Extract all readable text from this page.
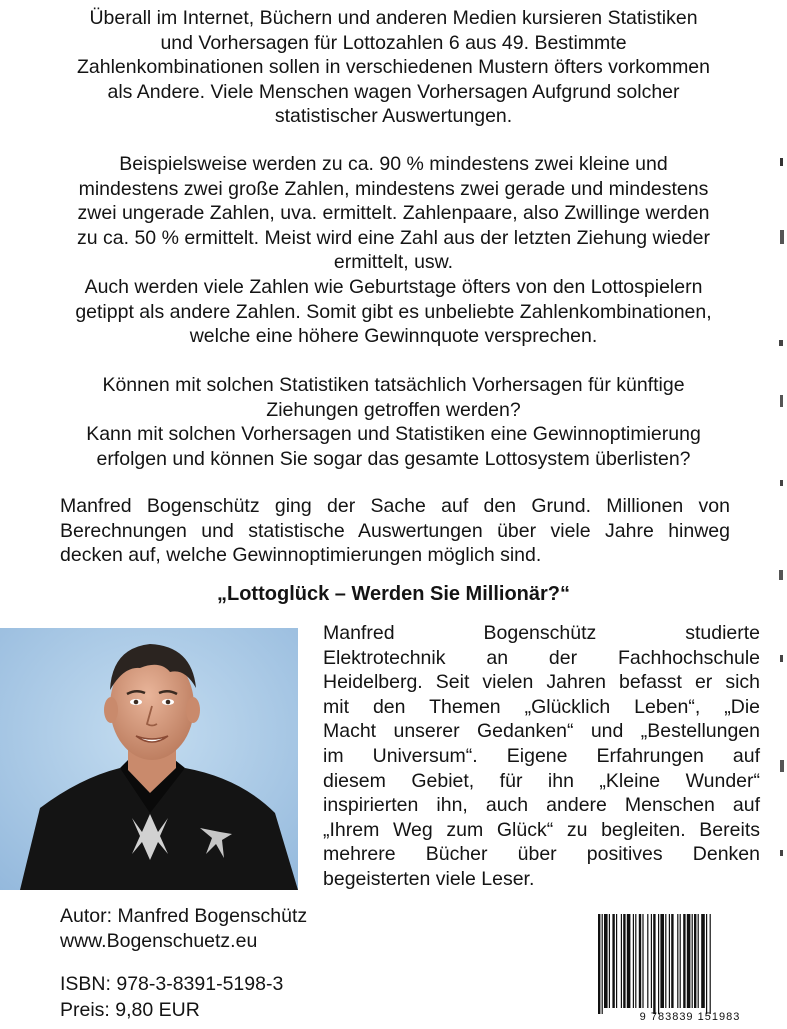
Überall im Internet, Büchern und anderen Medien kursieren Statistiken

und Vorhersagen für Lottozahlen 6 aus 49. Bestimmte

Zahlenkombinationen sollen in verschiedenen Mustern öfters vorkommen

als Andere. Viele Menschen wagen Vorhersagen Aufgrund solcher

statistischer Auswertungen.

Beispielsweise werden zu ca. 90 % mindestens zwei kleine und

mindestens zwei große Zahlen, mindestens zwei gerade und mindestens

zwei ungerade Zahlen, uva. ermittelt. Zahlenpaare, also Zwillinge werden

zu ca. 50 % ermittelt. Meist wird eine Zahl aus der letzten Ziehung wieder

ermittelt, usw.

Auch werden viele Zahlen wie Geburtstage öfters von den Lottospielern

getippt als andere Zahlen. Somit gibt es unbeliebte Zahlenkombinationen,

welche eine höhere Gewinnquote versprechen.

Können mit solchen Statistiken tatsächlich Vorhersagen für künftige

Ziehungen getroffen werden?

Kann mit solchen Vorhersagen und Statistiken eine Gewinnoptimierung

erfolgen und können Sie sogar das gesamte Lottosystem überlisten?

Manfred Bogenschütz ging der Sache auf den Grund. Millionen von Berechnungen und statistische Auswertungen über viele Jahre hinweg decken auf, welche Gewinnoptimierungen möglich sind.

„Lottoglück – Werden Sie Millionär?“
Manfred Bogenschütz studierte
Elektrotechnik an der Fachhochschule
Heidelberg. Seit vielen Jahren befasst er sich
mit den Themen „Glücklich Leben“, „Die
Macht unserer Gedanken“ und „Bestellungen
im Universum“. Eigene Erfahrungen auf
diesem Gebiet, für ihn „Kleine Wunder“
inspirierten ihn, auch andere Menschen auf
„Ihrem Weg zum Glück“ zu begleiten. Bereits
mehrere Bücher über positives Denken
begeisterten viele Leser.
Autor: Manfred Bogenschütz
www.Bogenschuetz.eu
ISBN: 978-3-8391-5198-3
Preis: 9,80 EUR	9 783839 151983
